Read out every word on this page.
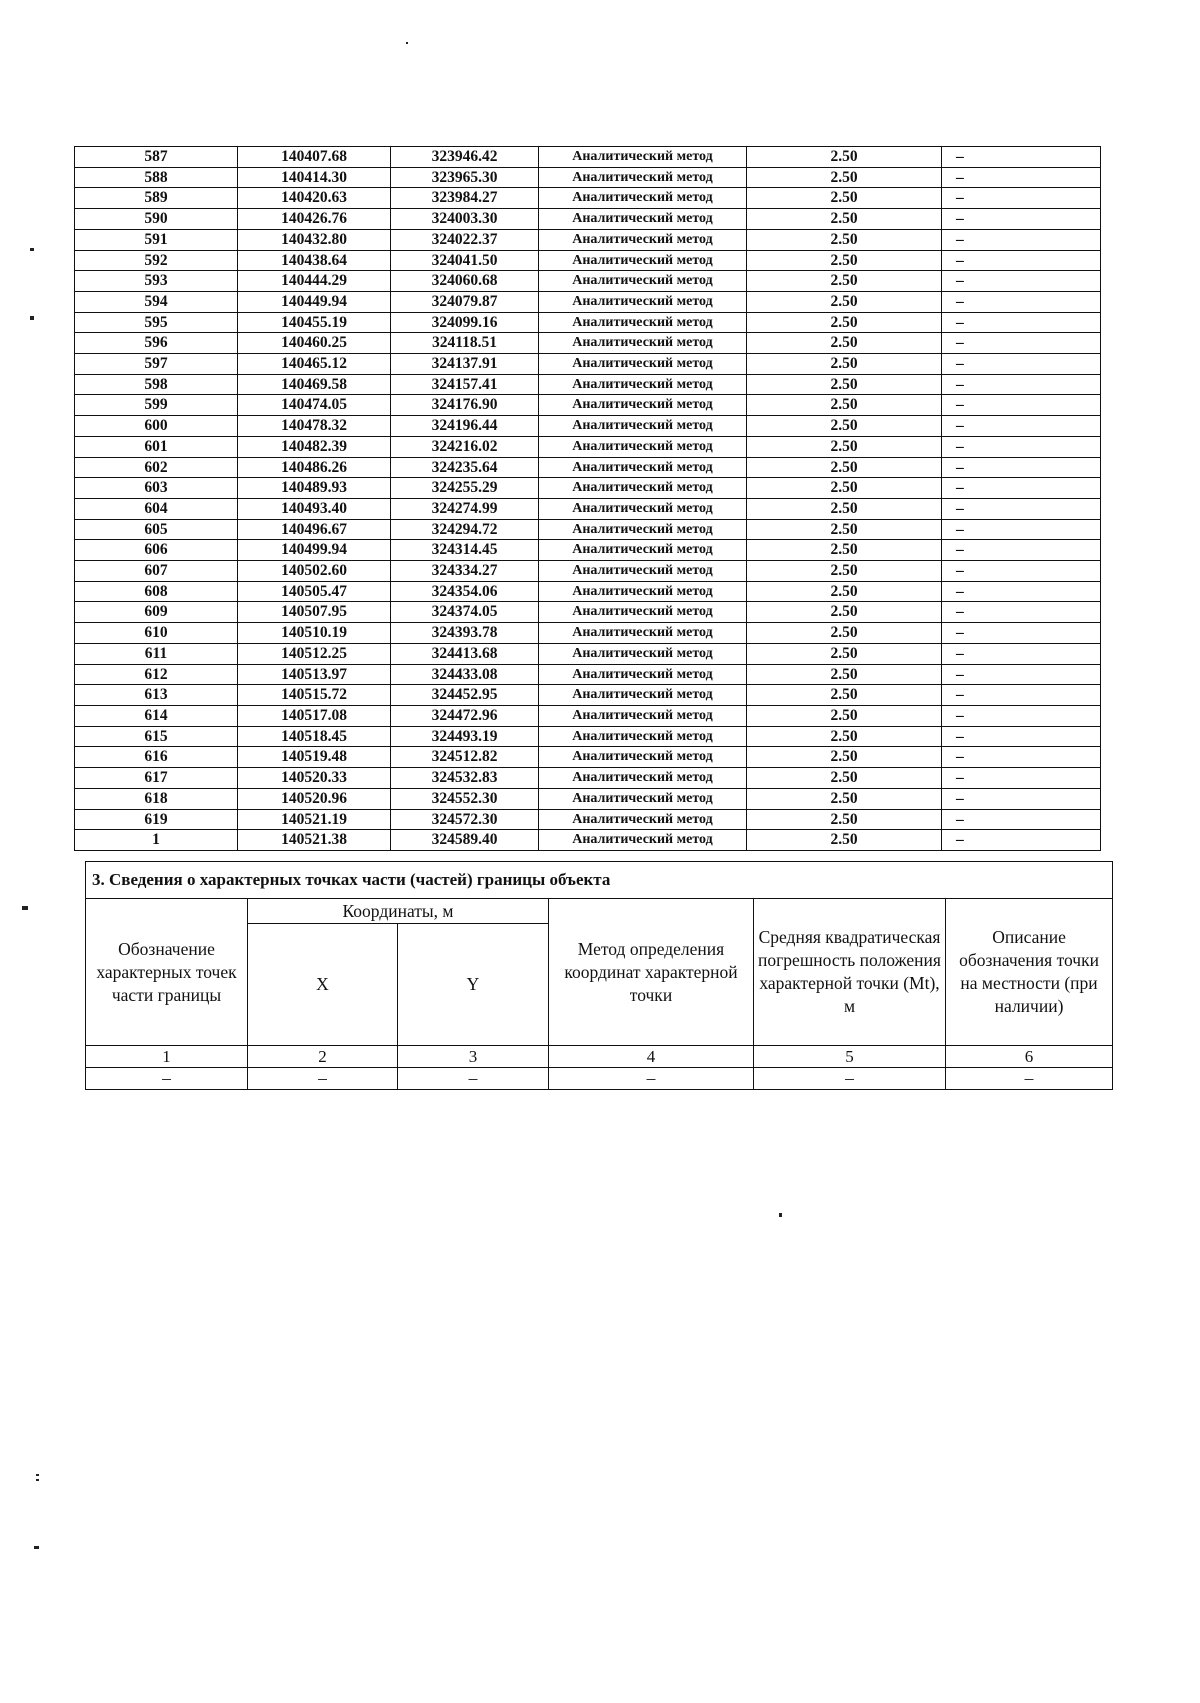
587	140407.68	323946.42	Аналитический метод	2.50	–
588	140414.30	323965.30	Аналитический метод	2.50	–
589	140420.63	323984.27	Аналитический метод	2.50	–
590	140426.76	324003.30	Аналитический метод	2.50	–
591	140432.80	324022.37	Аналитический метод	2.50	–
592	140438.64	324041.50	Аналитический метод	2.50	–
593	140444.29	324060.68	Аналитический метод	2.50	–
594	140449.94	324079.87	Аналитический метод	2.50	–
595	140455.19	324099.16	Аналитический метод	2.50	–
596	140460.25	324118.51	Аналитический метод	2.50	–
597	140465.12	324137.91	Аналитический метод	2.50	–
598	140469.58	324157.41	Аналитический метод	2.50	–
599	140474.05	324176.90	Аналитический метод	2.50	–
600	140478.32	324196.44	Аналитический метод	2.50	–
601	140482.39	324216.02	Аналитический метод	2.50	–
602	140486.26	324235.64	Аналитический метод	2.50	–
603	140489.93	324255.29	Аналитический метод	2.50	–
604	140493.40	324274.99	Аналитический метод	2.50	–
605	140496.67	324294.72	Аналитический метод	2.50	–
606	140499.94	324314.45	Аналитический метод	2.50	–
607	140502.60	324334.27	Аналитический метод	2.50	–
608	140505.47	324354.06	Аналитический метод	2.50	–
609	140507.95	324374.05	Аналитический метод	2.50	–
610	140510.19	324393.78	Аналитический метод	2.50	–
611	140512.25	324413.68	Аналитический метод	2.50	–
612	140513.97	324433.08	Аналитический метод	2.50	–
613	140515.72	324452.95	Аналитический метод	2.50	–
614	140517.08	324472.96	Аналитический метод	2.50	–
615	140518.45	324493.19	Аналитический метод	2.50	–
616	140519.48	324512.82	Аналитический метод	2.50	–
617	140520.33	324532.83	Аналитический метод	2.50	–
618	140520.96	324552.30	Аналитический метод	2.50	–
619	140521.19	324572.30	Аналитический метод	2.50	–
1	140521.38	324589.40	Аналитический метод	2.50	–
3. Сведения о характерных точках части (частей) границы объекта					
Обозначение характерных точек части границы	Координаты, м		Метод определения координат характерной точки	Средняя квадратическая погрешность положения характерной точки (Mt), м	Описание обозначения точки на местности (при наличии)
	X	Y			
1	2	3	4	5	6
–	–	–	–	–	–
